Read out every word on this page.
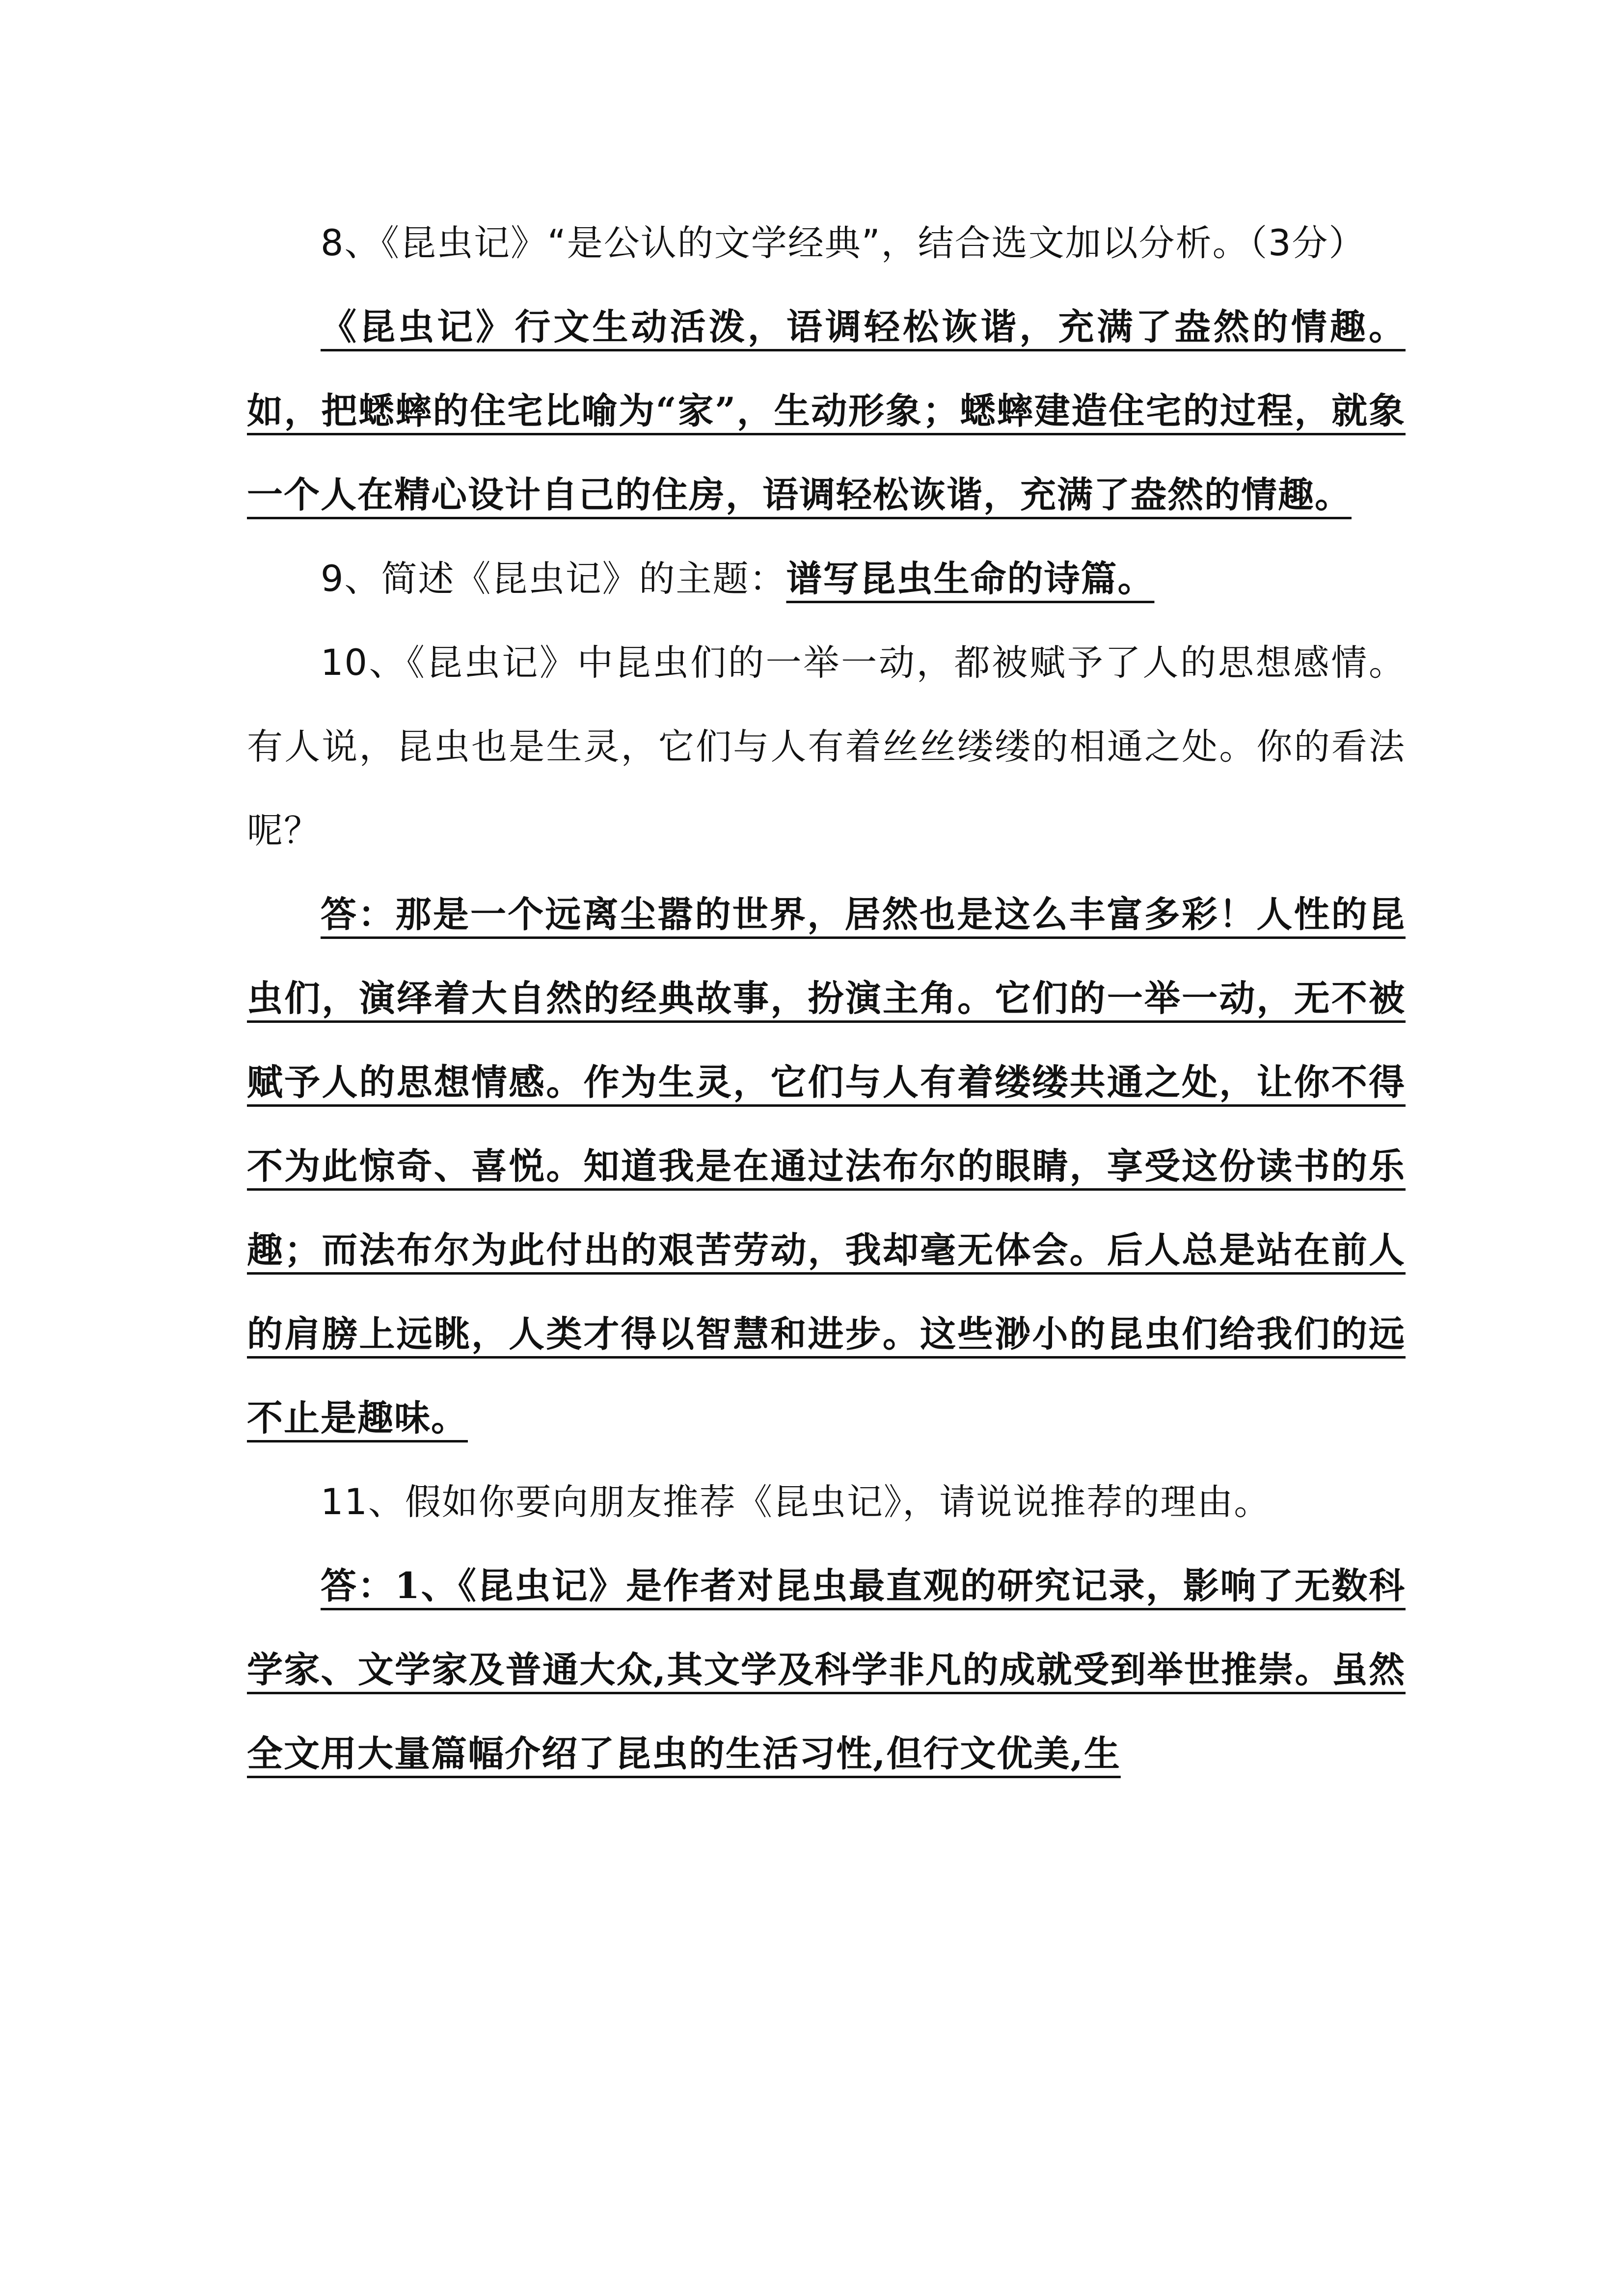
8、《昆虫记》“是公认的文学经典”，结合选文加以分析。（3分）

《昆虫记》行文生动活泼，语调轻松诙谐，充满了盎然的情趣。如，把蟋蟀的住宅比喻为“家”，生动形象；蟋蟀建造住宅的过程，就象一个人在精心设计自己的住房，语调轻松诙谐，充满了盎然的情趣。

9、简述《昆虫记》的主题：谱写昆虫生命的诗篇。

10、《昆虫记》中昆虫们的一举一动，都被赋予了人的思想感情。有人说，昆虫也是生灵，它们与人有着丝丝缕缕的相通之处。你的看法呢？

答：那是一个远离尘嚣的世界，居然也是这么丰富多彩！人性的昆虫们，演绎着大自然的经典故事，扮演主角。它们的一举一动，无不被赋予人的思想情感。作为生灵，它们与人有着缕缕共通之处，让你不得不为此惊奇、喜悦。知道我是在通过法布尔的眼睛，享受这份读书的乐趣；而法布尔为此付出的艰苦劳动，我却毫无体会。后人总是站在前人的肩膀上远眺，人类才得以智慧和进步。这些渺小的昆虫们给我们的远不止是趣味。

11、假如你要向朋友推荐《昆虫记》，请说说推荐的理由。

答：1、《昆虫记》是作者对昆虫最直观的研究记录，影响了无数科学家、文学家及普通大众,其文学及科学非凡的成就受到举世推崇。虽然全文用大量篇幅介绍了昆虫的生活习性,但行文优美,生
